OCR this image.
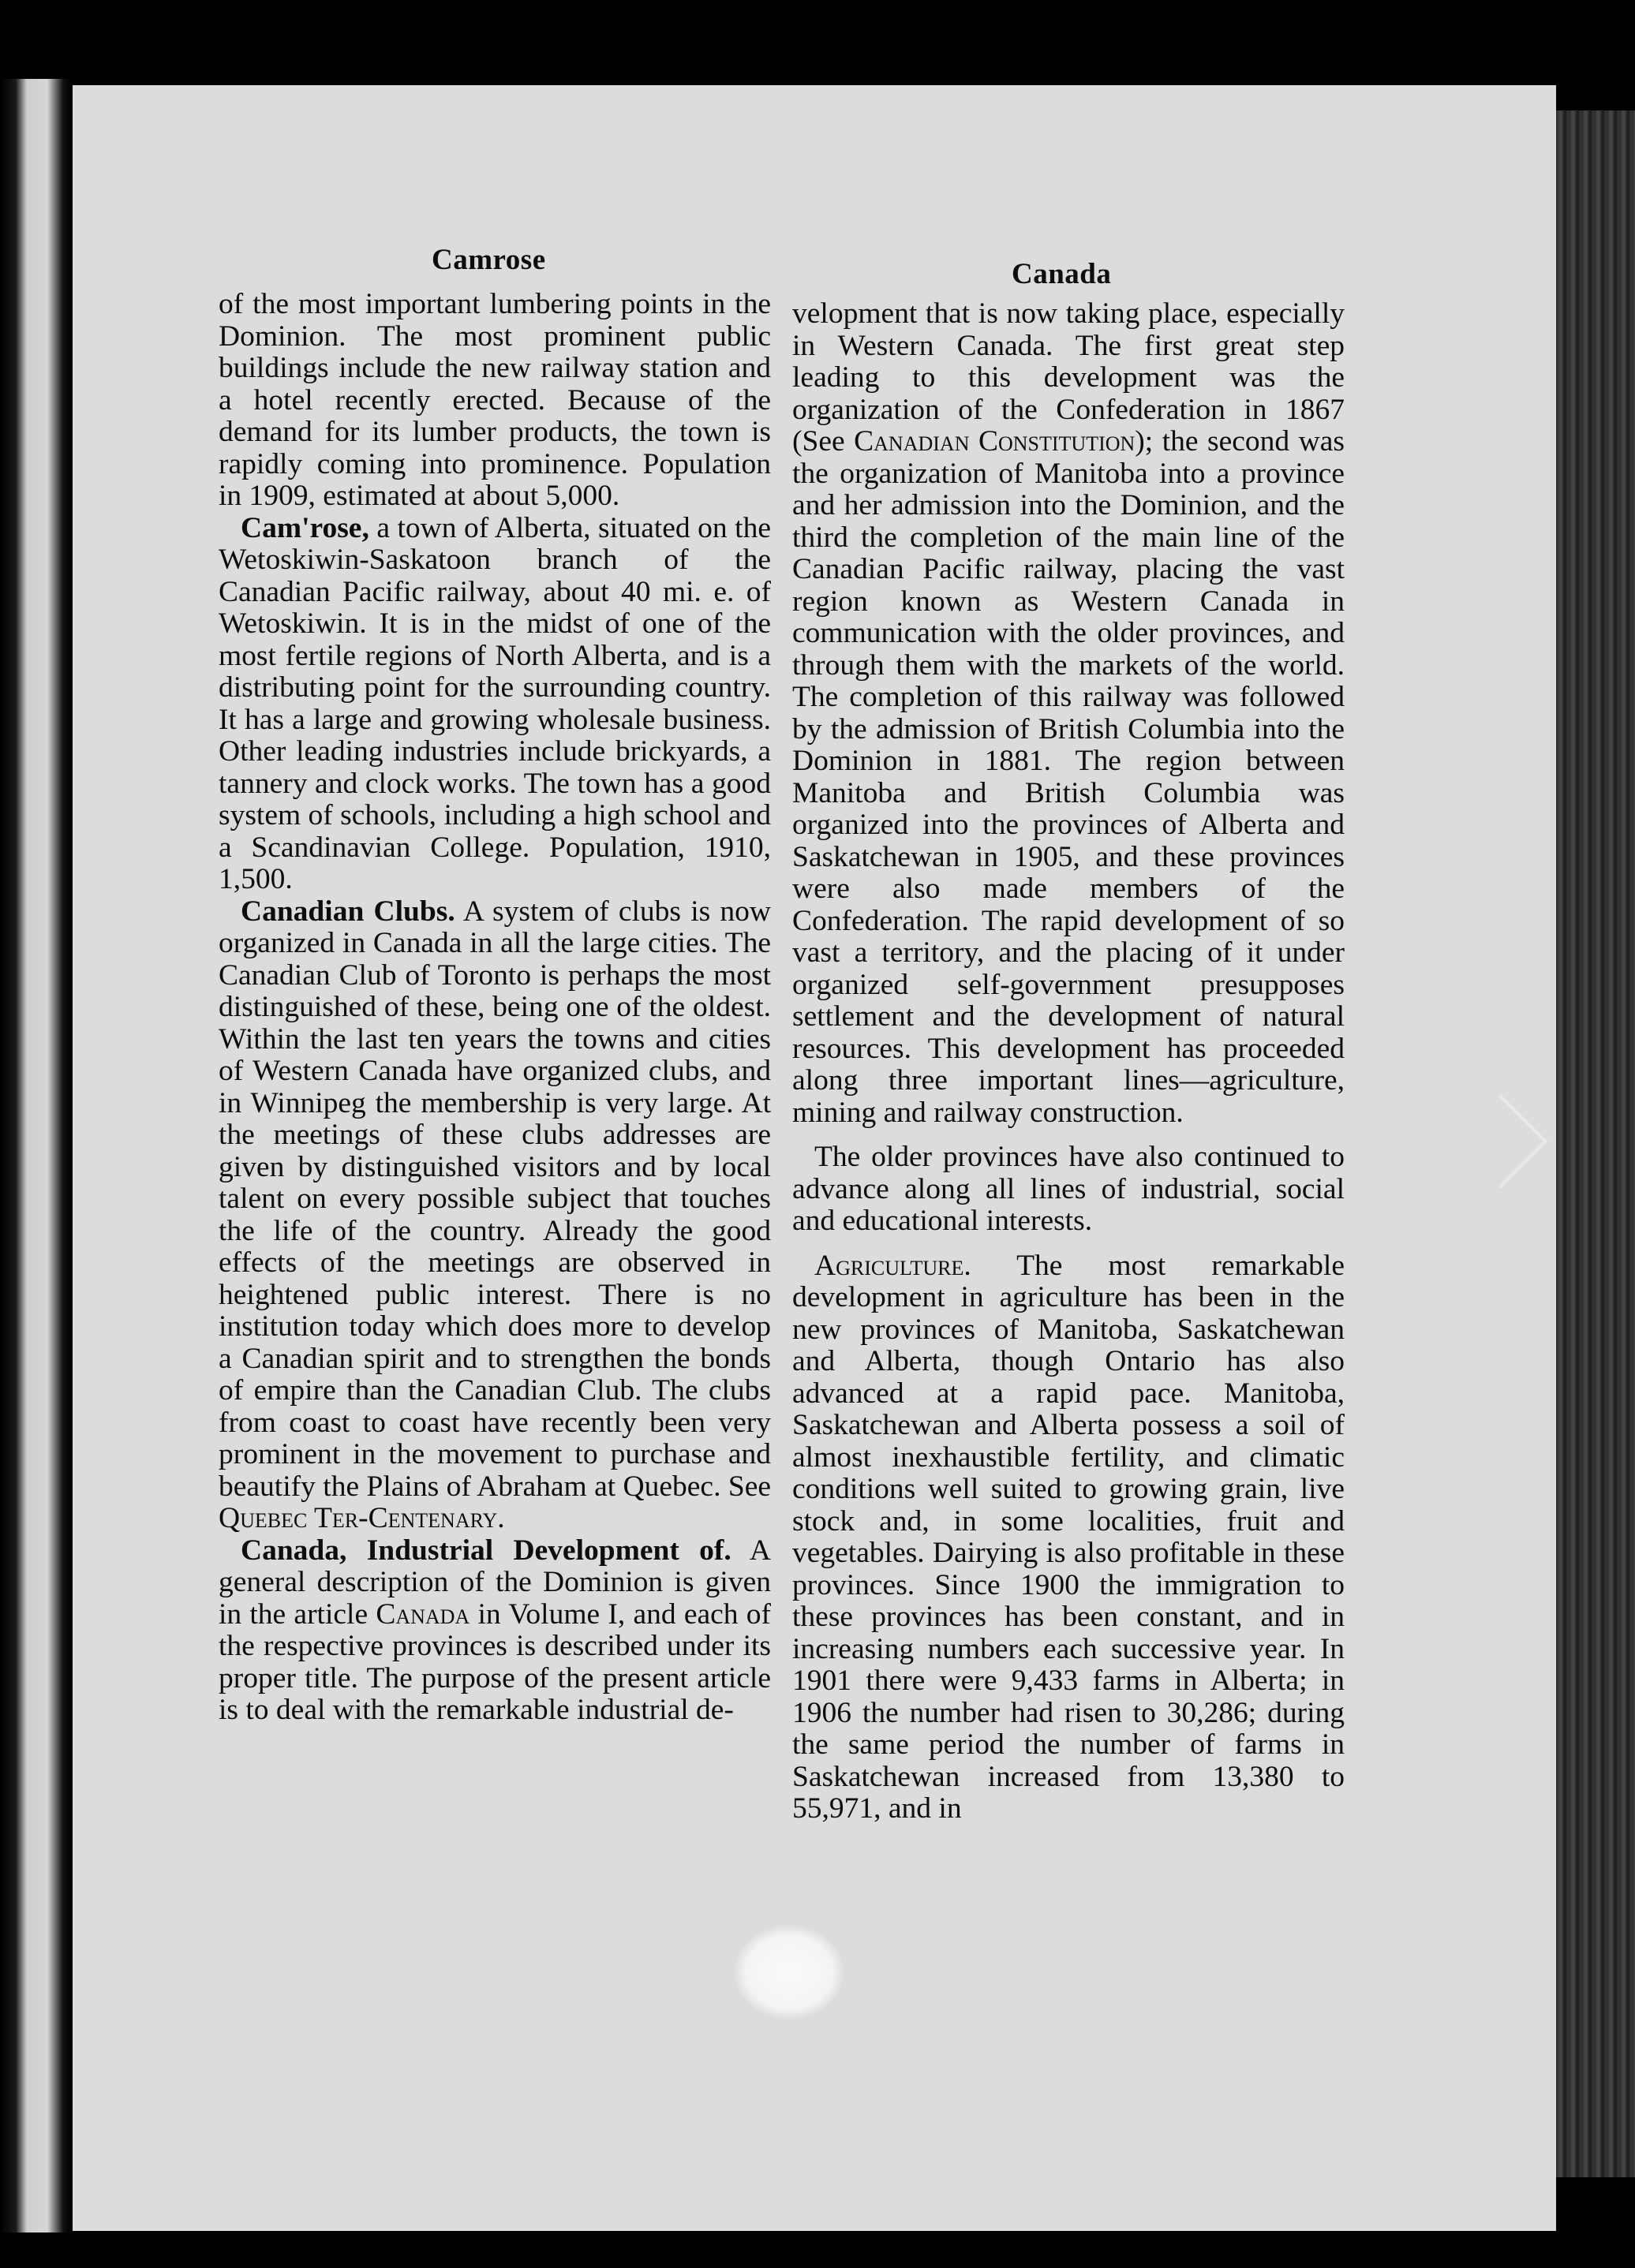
Camrose	Canada

of the most important lumbering points in the Dominion. The most prominent public buildings include the new railway station and a hotel recently erected. Because of the demand for its lumber products, the town is rapidly coming into prominence. Population in 1909, estimated at about 5,000.

Cam'rose, a town of Alberta, situated on the Wetoskiwin-Saskatoon branch of the Canadian Pacific railway, about 40 mi. e. of Wetoskiwin. It is in the midst of one of the most fertile regions of North Alberta, and is a distributing point for the surrounding country. It has a large and growing wholesale business. Other leading industries include brickyards, a tannery and clock works. The town has a good system of schools, including a high school and a Scandinavian College. Population, 1910, 1,500.

Canadian Clubs. A system of clubs is now organized in Canada in all the large cities. The Canadian Club of Toronto is perhaps the most distinguished of these, being one of the oldest. Within the last ten years the towns and cities of Western Canada have organized clubs, and in Winnipeg the membership is very large. At the meetings of these clubs addresses are given by distinguished visitors and by local talent on every possible subject that touches the life of the country. Already the good effects of the meetings are observed in heightened public interest. There is no institution today which does more to develop a Canadian spirit and to strengthen the bonds of empire than the Canadian Club. The clubs from coast to coast have recently been very prominent in the movement to purchase and beautify the Plains of Abraham at Quebec. See Quebec Ter-Centenary.

Canada, Industrial Development of. A general description of the Dominion is given in the article Canada in Volume I, and each of the respective provinces is described under its proper title. The purpose of the present article is to deal with the remarkable industrial de-

velopment that is now taking place, especially in Western Canada. The first great step leading to this development was the organization of the Confederation in 1867 (See Canadian Constitution); the second was the organization of Manitoba into a province and her admission into the Dominion, and the third the completion of the main line of the Canadian Pacific railway, placing the vast region known as Western Canada in communication with the older provinces, and through them with the markets of the world. The completion of this railway was followed by the admission of British Columbia into the Dominion in 1881. The region between Manitoba and British Columbia was organized into the provinces of Alberta and Saskatchewan in 1905, and these provinces were also made members of the Confederation. The rapid development of so vast a territory, and the placing of it under organized self-government presupposes settlement and the development of natural resources. This development has proceeded along three important lines—agriculture, mining and railway construction.

The older provinces have also continued to advance along all lines of industrial, social and educational interests.

Agriculture. The most remarkable development in agriculture has been in the new provinces of Manitoba, Saskatchewan and Alberta, though Ontario has also advanced at a rapid pace. Manitoba, Saskatchewan and Alberta possess a soil of almost inexhaustible fertility, and climatic conditions well suited to growing grain, live stock and, in some localities, fruit and vegetables. Dairying is also profitable in these provinces. Since 1900 the immigration to these provinces has been constant, and in increasing numbers each successive year. In 1901 there were 9,433 farms in Alberta; in 1906 the number had risen to 30,286; during the same period the number of farms in Saskatchewan increased from 13,380 to 55,971, and in
